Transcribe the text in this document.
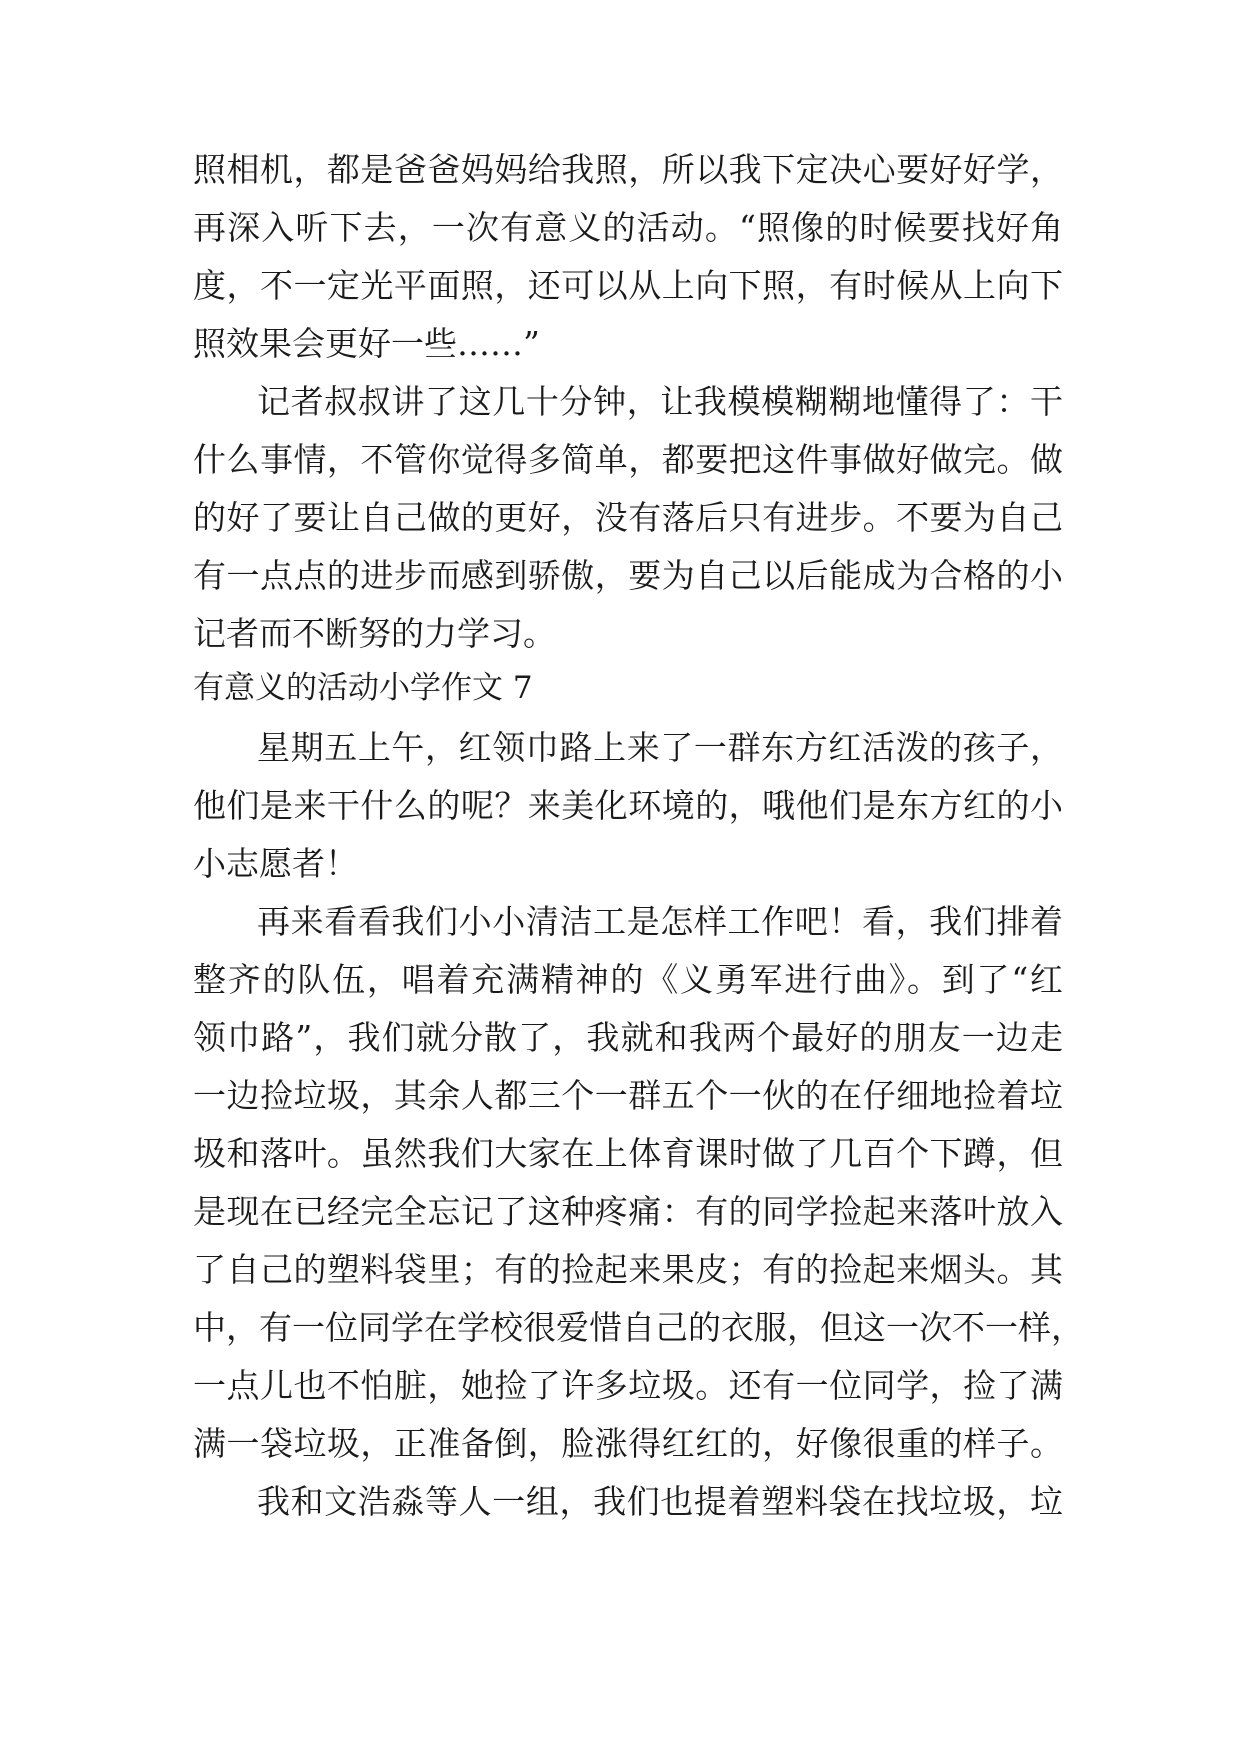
照相机，都是爸爸妈妈给我照，所以我下定决心要好好学，
再深入听下去，一次有意义的活动。“照像的时候要找好角
度，不一定光平面照，还可以从上向下照，有时候从上向下
照效果会更好一些……”
记者叔叔讲了这几十分钟，让我模模糊糊地懂得了：干
什么事情，不管你觉得多简单，都要把这件事做好做完。做
的好了要让自己做的更好，没有落后只有进步。不要为自己
有一点点的进步而感到骄傲，要为自己以后能成为合格的小
记者而不断努的力学习。
有意义的活动小学作文 7
星期五上午，红领巾路上来了一群东方红活泼的孩子，
他们是来干什么的呢？来美化环境的，哦他们是东方红的小
小志愿者！
再来看看我们小小清洁工是怎样工作吧！看，我们排着
整齐的队伍，唱着充满精神的《义勇军进行曲》。到了“红
领巾路”，我们就分散了，我就和我两个最好的朋友一边走
一边捡垃圾，其余人都三个一群五个一伙的在仔细地捡着垃
圾和落叶。虽然我们大家在上体育课时做了几百个下蹲，但
是现在已经完全忘记了这种疼痛：有的同学捡起来落叶放入
了自己的塑料袋里；有的捡起来果皮；有的捡起来烟头。其
中，有一位同学在学校很爱惜自己的衣服，但这一次不一样，
一点儿也不怕脏，她捡了许多垃圾。还有一位同学，捡了满
满一袋垃圾，正准备倒，脸涨得红红的，好像很重的样子。
我和文浩淼等人一组，我们也提着塑料袋在找垃圾，垃
